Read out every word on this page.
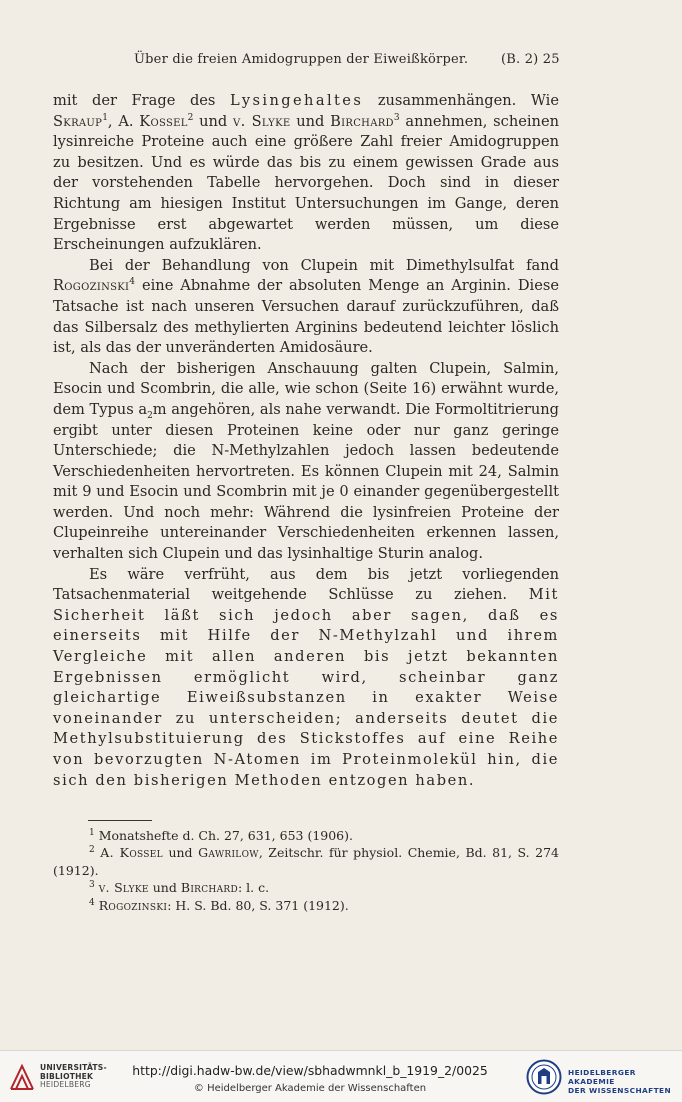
Über die freien Amidogruppen der Eiweißkörper.	(B. 2) 25

mit der Frage des Lysingehaltes zusammenhängen. Wie Skraup$^1$, A. Kossel$^2$ und v. Slyke und Birchard$^3$ annehmen, scheinen lysinreiche Proteine auch eine größere Zahl freier Amidogruppen zu besitzen. Und es würde das bis zu einem gewissen Grade aus der vorstehenden Tabelle hervorgehen. Doch sind in dieser Richtung am hiesigen Institut Untersuchungen im Gange, deren Ergebnisse erst abgewartet werden müssen, um diese Erscheinungen aufzuklären.

Bei der Behandlung von Clupein mit Dimethylsulfat fand Rogozinski$^4$ eine Abnahme der absoluten Menge an Arginin. Diese Tatsache ist nach unseren Versuchen darauf zurückzuführen, daß das Silbersalz des methylierten Arginins bedeutend leichter löslich ist, als das der unveränderten Amidosäure.

Nach der bisherigen Anschauung galten Clupein, Salmin, Esocin und Scombrin, die alle, wie schon (Seite 16) erwähnt wurde, dem Typus $a_2m$ angehören, als nahe verwandt. Die Formoltitrierung ergibt unter diesen Proteinen keine oder nur ganz geringe Unterschiede; die N-Methylzahlen jedoch lassen bedeutende Verschiedenheiten hervortreten. Es können Clupein mit 24, Salmin mit 9 und Esocin und Scombrin mit je 0 einander gegenübergestellt werden. Und noch mehr: Während die lysinfreien Proteine der Clupeinreihe untereinander Verschiedenheiten erkennen lassen, verhalten sich Clupein und das lysinhaltige Sturin analog.

Es wäre verfrüht, aus dem bis jetzt vorliegenden Tatsachenmaterial weitgehende Schlüsse zu ziehen. Mit Sicherheit läßt sich jedoch aber sagen, daß es einerseits mit Hilfe der N-Methylzahl und ihrem Vergleiche mit allen anderen bis jetzt bekannten Ergebnissen ermöglicht wird, scheinbar ganz gleichartige Eiweißsubstanzen in exakter Weise voneinander zu unterscheiden; anderseits deutet die Methylsubstituierung des Stickstoffes auf eine Reihe von bevorzugten N-Atomen im Proteinmolekül hin, die sich den bisherigen Methoden entzogen haben.

$^1$ Monatshefte d. Ch. 27, 631, 653 (1906).

$^2$ A. Kossel und Gawrilow, Zeitschr. für physiol. Chemie, Bd. 81, S. 274 (1912).

$^3$ v. Slyke und Birchard: l. c.

$^4$ Rogozinski: H. S. Bd. 80, S. 371 (1912).

UNIVERSITÄTS-
BIBLIOTHEK
HEIDELBERG
http://digi.hadw-bw.de/view/sbhadwmnkl_b_1919_2/0025
© Heidelberger Akademie der Wissenschaften
HEIDELBERGER AKADEMIE
DER WISSENSCHAFTEN
